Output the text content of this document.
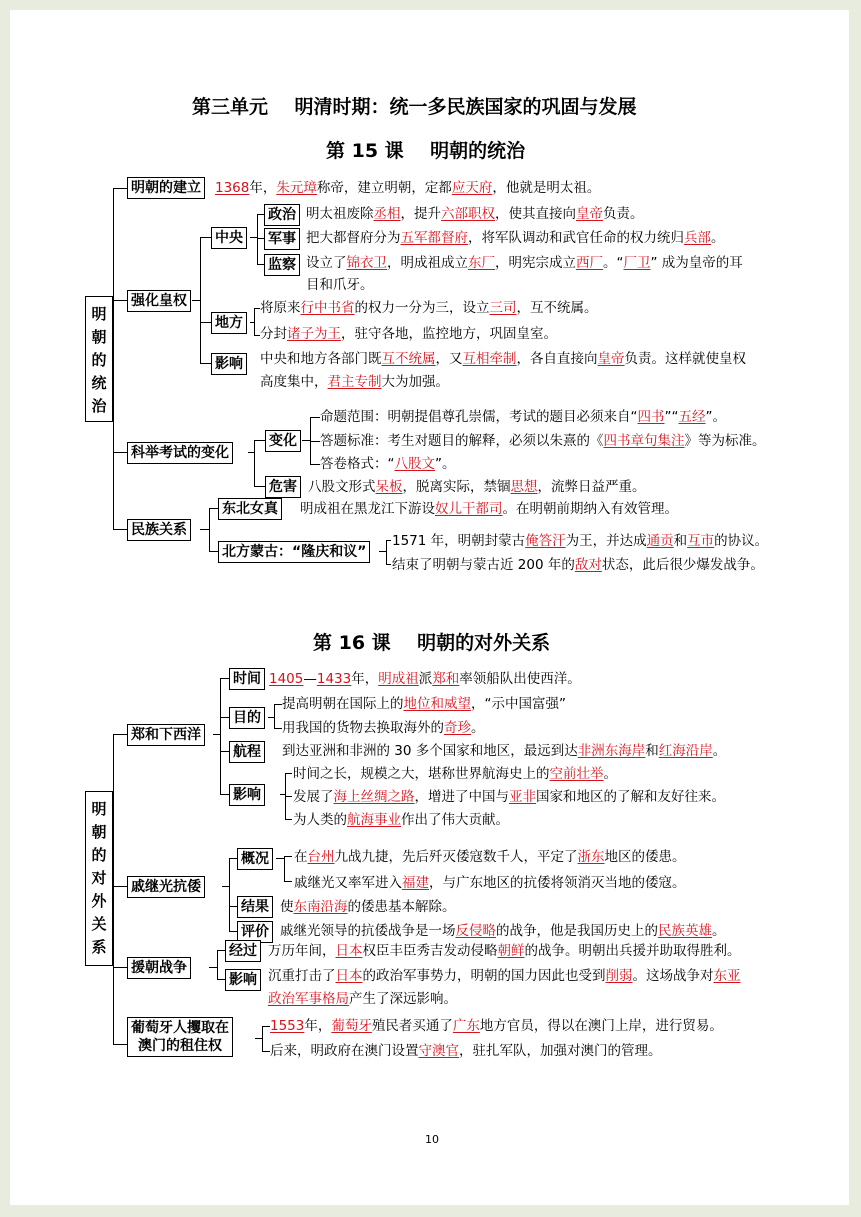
第三单元    明清时期：统一多民族国家的巩固与发展
第 15 课    明朝的统治
明
朝
的
统
治
明朝的建立 1368年，朱元璋称帝，建立明朝，定都应天府，他就是明太祖。
强化皇权
中央
政治 明太祖废除丞相，提升六部职权，使其直接向皇帝负责。
军事 把大都督府分为五军都督府，将军队调动和武官任命的权力统归兵部。
监察 设立了锦衣卫，明成祖成立东厂，明宪宗成立西厂。“厂卫” 成为皇帝的耳
目和爪牙。
地方
将原来行中书省的权力一分为三，设立三司，互不统属。
分封诸子为王，驻守各地，监控地方，巩固皇室。
影响 中央和地方各部门既互不统属，又互相牵制，各自直接向皇帝负责。这样就使皇权
高度集中，君主专制大为加强。
科举考试的变化
变化
命题范围：明朝提倡尊孔崇儒，考试的题目必须来自“四书”“五经”。
答题标准：考生对题目的解释，必须以朱熹的《四书章句集注》等为标准。
答卷格式：“八股文”。
危害 八股文形式呆板，脱离实际，禁锢思想，流弊日益严重。
民族关系
东北女真 明成祖在黑龙江下游设奴儿干都司。在明朝前期纳入有效管理。
北方蒙古：“隆庆和议”
1571 年，明朝封蒙古俺答汗为王，并达成通贡和互市的协议。
结束了明朝与蒙古近 200 年的敌对状态，此后很少爆发战争。
第 16 课    明朝的对外关系
明
朝
的
对
外
关
系
郑和下西洋
时间 1405—1433年，明成祖派郑和率领船队出使西洋。
目的
提高明朝在国际上的地位和威望，“示中国富强”
用我国的货物去换取海外的奇珍。
航程 到达亚洲和非洲的 30 多个国家和地区，最远到达非洲东海岸和红海沿岸。
影响
时间之长，规模之大，堪称世界航海史上的空前壮举。
发展了海上丝绸之路，增进了中国与亚非国家和地区的了解和友好往来。
为人类的航海事业作出了伟大贡献。
戚继光抗倭
概况 在台州九战九捷，先后歼灭倭寇数千人，平定了浙东地区的倭患。
戚继光又率军进入福建，与广东地区的抗倭将领消灭当地的倭寇。
结果 使东南沿海的倭患基本解除。
评价 戚继光领导的抗倭战争是一场反侵略的战争，他是我国历史上的民族英雄。
援朝战争
经过 万历年间，日本权臣丰臣秀吉发动侵略朝鲜的战争。明朝出兵援并助取得胜利。
影响 沉重打击了日本的政治军事势力，明朝的国力因此也受到削弱。这场战争对东亚
政治军事格局产生了深远影响。
葡萄牙人攫取在
澳门的租住权
1553年，葡萄牙殖民者买通了广东地方官员，得以在澳门上岸，进行贸易。
后来，明政府在澳门设置守澳官，驻扎军队，加强对澳门的管理。
10
